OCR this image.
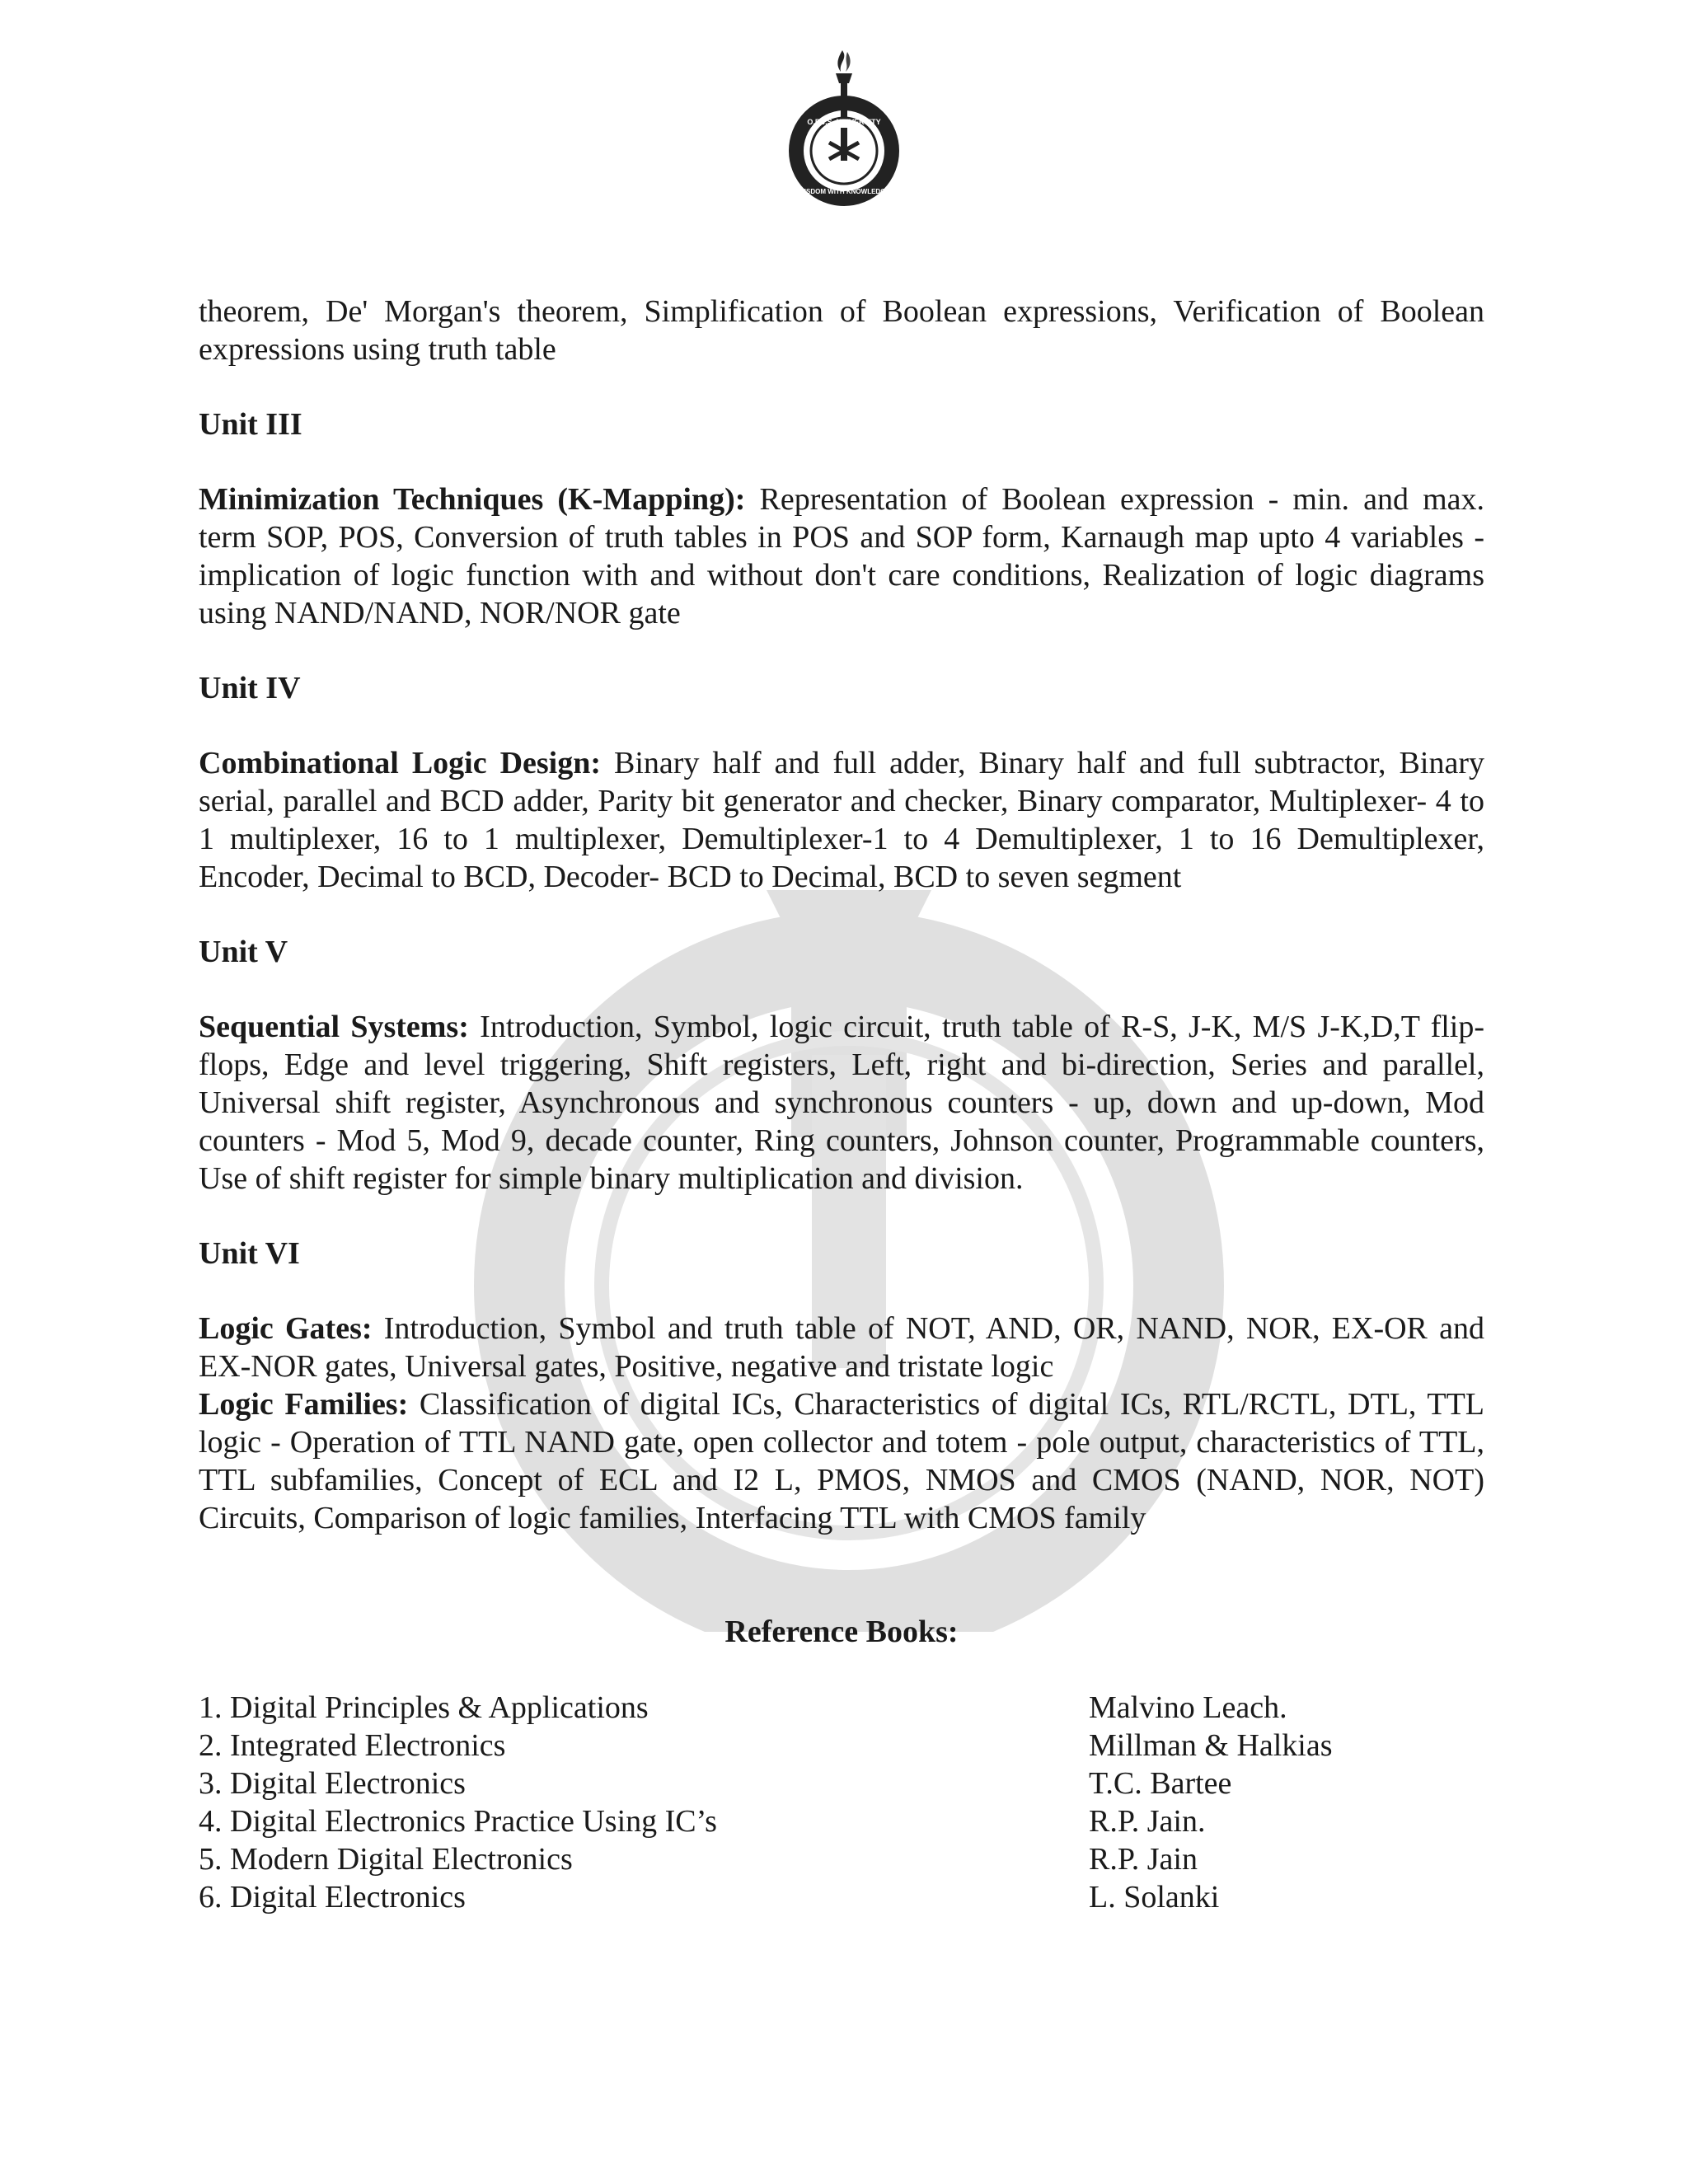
O.P.J.S. UNIVERSITY
WISDOM WITH KNOWLEDGE

theorem, De' Morgan's theorem, Simplification of Boolean expressions, Verification of Boolean expressions using truth table

Unit III

Minimization Techniques (K-Mapping): Representation of Boolean expression - min. and max. term SOP, POS, Conversion of truth tables in POS and SOP form, Karnaugh map upto 4 variables - implication of logic function with and without don't care conditions, Realization of logic diagrams using NAND/NAND, NOR/NOR gate

Unit IV

Combinational Logic Design: Binary half and full adder, Binary half and full subtractor, Binary serial, parallel and BCD adder, Parity bit generator and checker, Binary comparator, Multiplexer- 4 to 1 multiplexer, 16 to 1 multiplexer, Demultiplexer-1 to 4 Demultiplexer, 1 to 16 Demultiplexer, Encoder, Decimal to BCD, Decoder- BCD to Decimal, BCD to seven segment

Unit V

Sequential Systems: Introduction, Symbol, logic circuit, truth table of R-S, J-K, M/S J-K,D,T flip-flops, Edge and level triggering, Shift registers, Left, right and bi-direction, Series and parallel, Universal shift register, Asynchronous and synchronous counters - up, down and up-down, Mod counters - Mod 5, Mod 9, decade counter, Ring counters, Johnson counter, Programmable counters, Use of shift register for simple binary multiplication and division.

Unit VI

Logic Gates: Introduction, Symbol and truth table of NOT, AND, OR, NAND, NOR, EX-OR and EX-NOR gates, Universal gates, Positive, negative and tristate logic

Logic Families: Classification of digital ICs, Characteristics of digital ICs, RTL/RCTL, DTL, TTL logic - Operation of TTL NAND gate, open collector and totem - pole output, characteristics of TTL, TTL subfamilies, Concept of ECL and I2 L, PMOS, NMOS and CMOS (NAND, NOR, NOT) Circuits, Comparison of logic families, Interfacing TTL with CMOS family

Reference Books:
1. Digital Principles & Applications	Malvino Leach.
2. Integrated Electronics	Millman & Halkias
3. Digital Electronics	T.C. Bartee
4. Digital Electronics Practice Using IC’s	R.P. Jain.
5. Modern Digital Electronics	R.P. Jain
6. Digital Electronics	L. Solanki
